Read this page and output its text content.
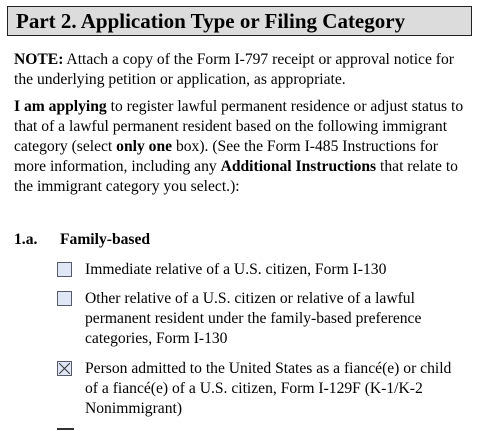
Part 2. Application Type or Filing Category
NOTE: Attach a copy of the Form I-797 receipt or approval notice for the underlying petition or application, as appropriate.
I am applying to register lawful permanent residence or adjust status to that of a lawful permanent resident based on the following immigrant category (select only one box). (See the Form I-485 Instructions for more information, including any Additional Instructions that relate to the immigrant category you select.):
1.a. Family-based
Immediate relative of a U.S. citizen, Form I-130
Other relative of a U.S. citizen or relative of a lawful permanent resident under the family-based preference categories, Form I-130
Person admitted to the United States as a fiancé(e) or child of a fiancé(e) of a U.S. citizen, Form I-129F (K-1/K-2 Nonimmigrant)
